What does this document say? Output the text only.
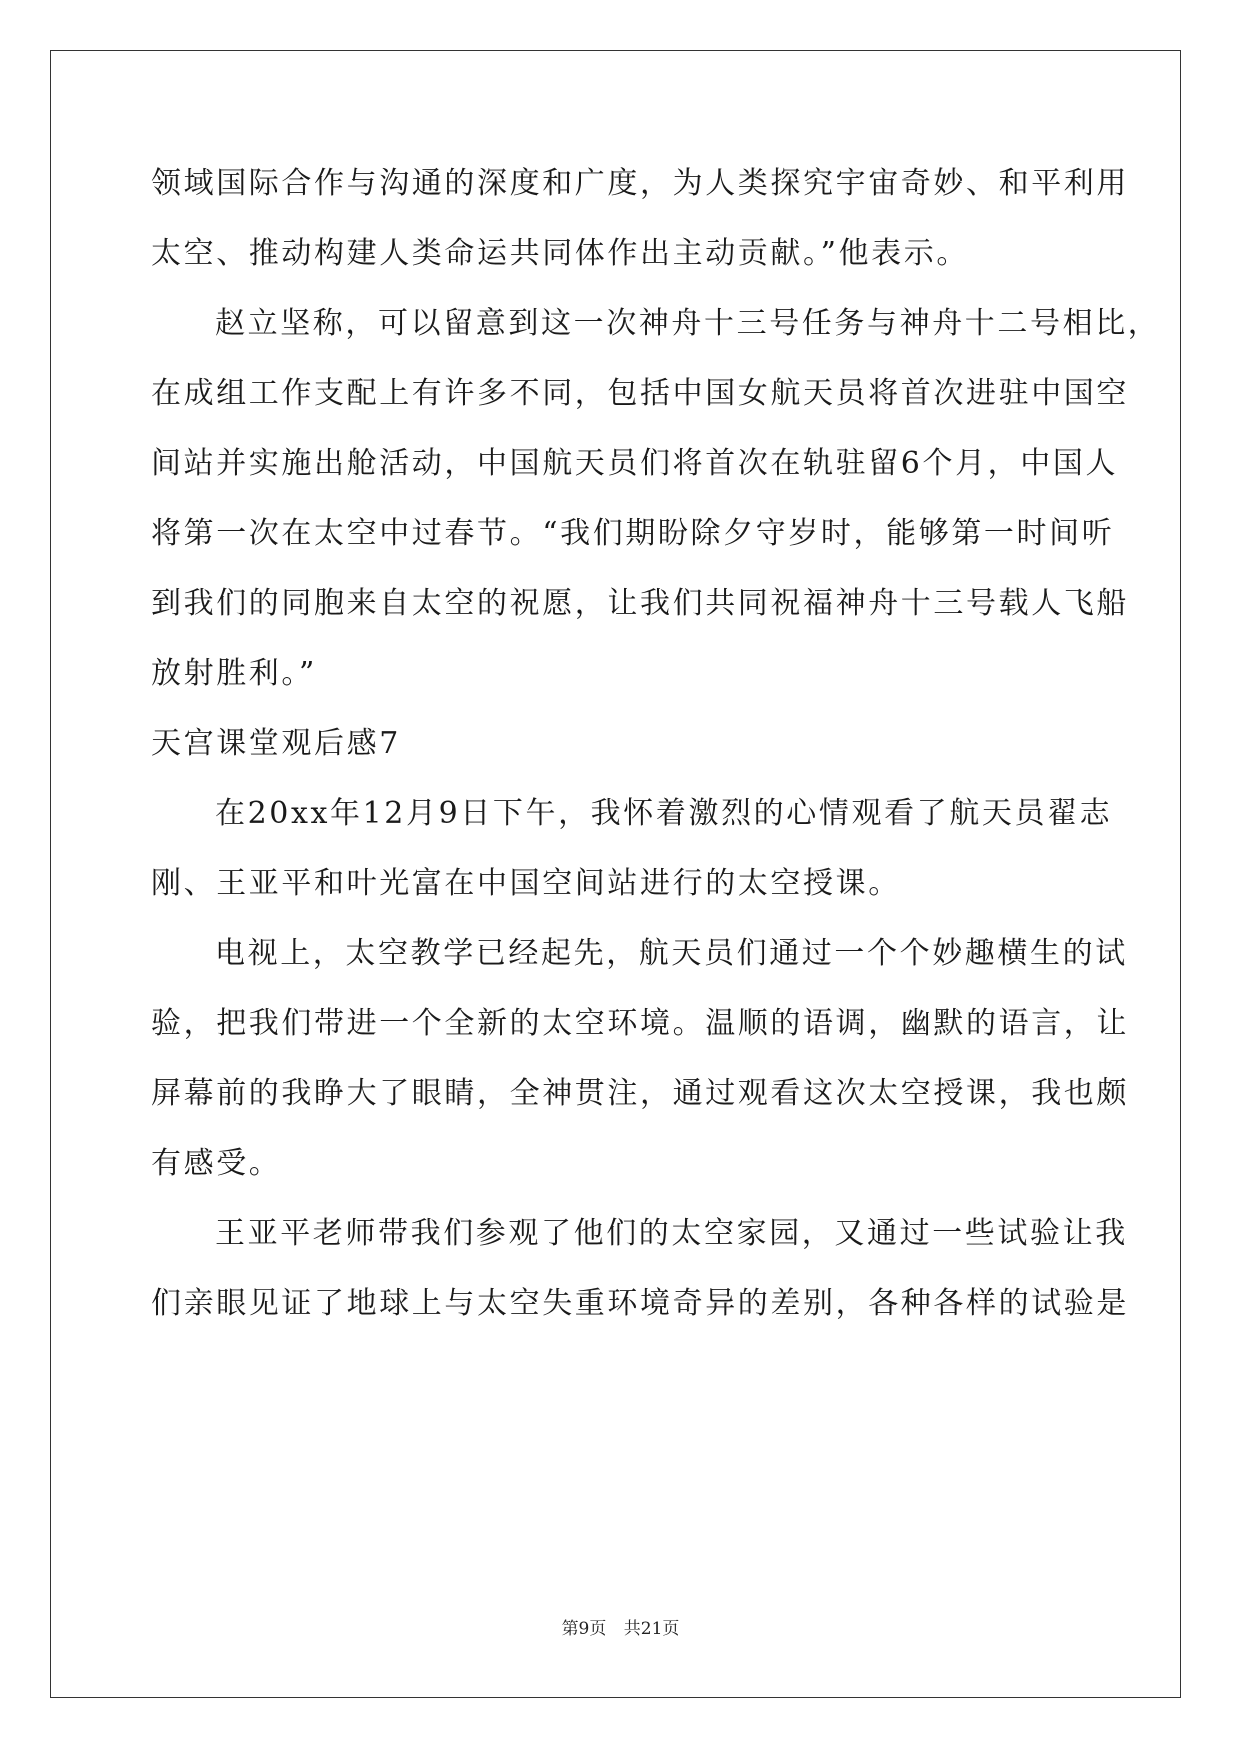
领域国际合作与沟通的深度和广度，为人类探究宇宙奇妙、和平利用
太空、推动构建人类命运共同体作出主动贡献。”他表示。
赵立坚称，可以留意到这一次神舟十三号任务与神舟十二号相比，
在成组工作支配上有许多不同，包括中国女航天员将首次进驻中国空
间站并实施出舱活动，中国航天员们将首次在轨驻留6个月，中国人
将第一次在太空中过春节。“我们期盼除夕守岁时，能够第一时间听
到我们的同胞来自太空的祝愿，让我们共同祝福神舟十三号载人飞船
放射胜利。”
天宫课堂观后感7
在20xx年12月9日下午，我怀着激烈的心情观看了航天员翟志
刚、王亚平和叶光富在中国空间站进行的太空授课。
电视上，太空教学已经起先，航天员们通过一个个妙趣横生的试
验，把我们带进一个全新的太空环境。温顺的语调，幽默的语言，让
屏幕前的我睁大了眼睛，全神贯注，通过观看这次太空授课，我也颇
有感受。
王亚平老师带我们参观了他们的太空家园，又通过一些试验让我
们亲眼见证了地球上与太空失重环境奇异的差别，各种各样的试验是
第9页 共21页
